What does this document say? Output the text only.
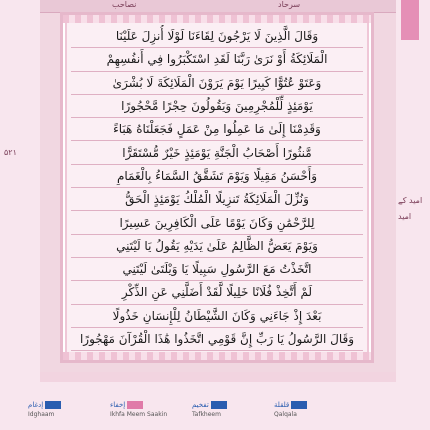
نصاحب	سرحاد
وَقَالَ الَّذِينَ لَا يَرْجُونَ لِقَاءَنَا لَوْلَا أُنزِلَ عَلَيْنَا
الْمَلَائِكَةُ أَوْ نَرَىٰ رَبَّنَا لَقَدِ اسْتَكْبَرُوا فِي أَنفُسِهِمْ
وَعَتَوْ عُتُوًّا كَبِيرًا يَوْمَ يَرَوْنَ الْمَلَائِكَةَ لَا بُشْرَىٰ
يَوْمَئِذٍ لِّلْمُجْرِمِينَ وَيَقُولُونَ حِجْرًا مَّحْجُورًا
وَقَدِمْنَا إِلَىٰ مَا عَمِلُوا مِنْ عَمَلٍ فَجَعَلْنَاهُ هَبَاءً
مَّنثُورًا أَصْحَابُ الْجَنَّةِ يَوْمَئِذٍ خَيْرٌ مُّسْتَقَرًّا
وَأَحْسَنُ مَقِيلًا وَيَوْمَ تَشَقَّقُ السَّمَاءُ بِالْغَمَامِ
وَنُزِّلَ الْمَلَائِكَةُ تَنزِيلًا الْمُلْكُ يَوْمَئِذٍ الْحَقُّ
لِلرَّحْمَٰنِ وَكَانَ يَوْمًا عَلَى الْكَافِرِينَ عَسِيرًا
وَيَوْمَ يَعَضُّ الظَّالِمُ عَلَىٰ يَدَيْهِ يَقُولُ يَا لَيْتَنِي
اتَّخَذْتُ مَعَ الرَّسُولِ سَبِيلًا يَا وَيْلَتَىٰ لَيْتَنِي
لَمْ أَتَّخِذْ فُلَانًا خَلِيلًا لَّقَدْ أَضَلَّنِي عَنِ الذِّكْرِ
بَعْدَ إِذْ جَاءَنِي وَكَانَ الشَّيْطَانُ لِلْإِنسَانِ خَذُولًا
وَقَالَ الرَّسُولُ يَا رَبِّ إِنَّ قَوْمِي اتَّخَذُوا هَٰذَا الْقُرْآنَ مَهْجُورًا
۵۲۱
امید کے
امید
إدغام
Idghaam
إخفاء
Ikhfa Meem Saakin
تفخيم
Tafkheem
قلقلة
Qalqala
